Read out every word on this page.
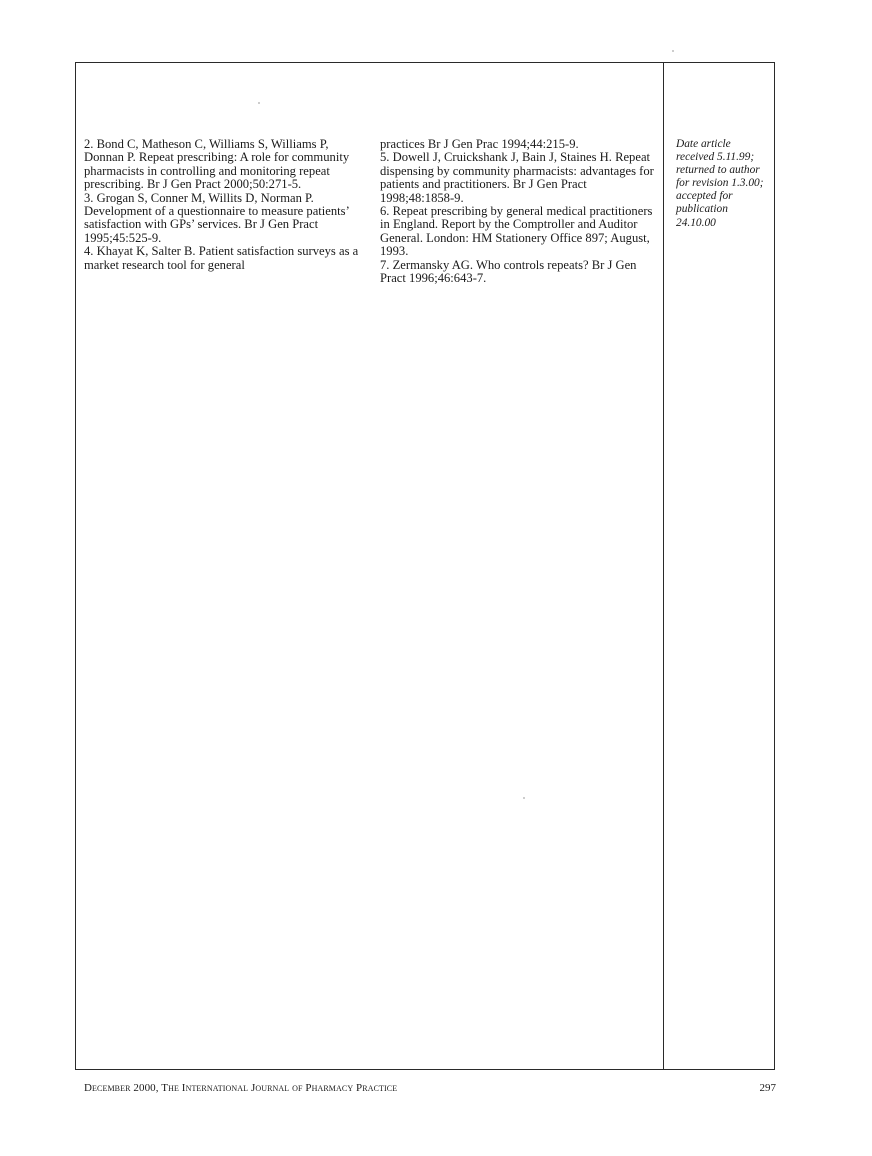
2. Bond C, Matheson C, Williams S, Williams P, Donnan P. Repeat prescribing: A role for community pharmacists in controlling and monitoring repeat prescribing. Br J Gen Pract 2000;50:271-5.

3. Grogan S, Conner M, Willits D, Norman P. Development of a questionnaire to measure patients’ satisfaction with GPs’ services. Br J Gen Pract 1995;45:525-9.

4. Khayat K, Salter B. Patient satisfaction surveys as a market research tool for general

practices Br J Gen Prac 1994;44:215-9.

5. Dowell J, Cruickshank J, Bain J, Staines H. Repeat dispensing by community pharmacists: advantages for patients and practitioners. Br J Gen Pract 1998;48:1858-9.

6. Repeat prescribing by general medical practitioners in England. Report by the Comptroller and Auditor General. London: HM Stationery Office 897; August, 1993.

7. Zermansky AG. Who controls repeats? Br J Gen Pract 1996;46:643-7.

Date article received 5.11.99; returned to author for revision 1.3.00; accepted for publication 24.10.00

December 2000, The International Journal of Pharmacy Practice	297
